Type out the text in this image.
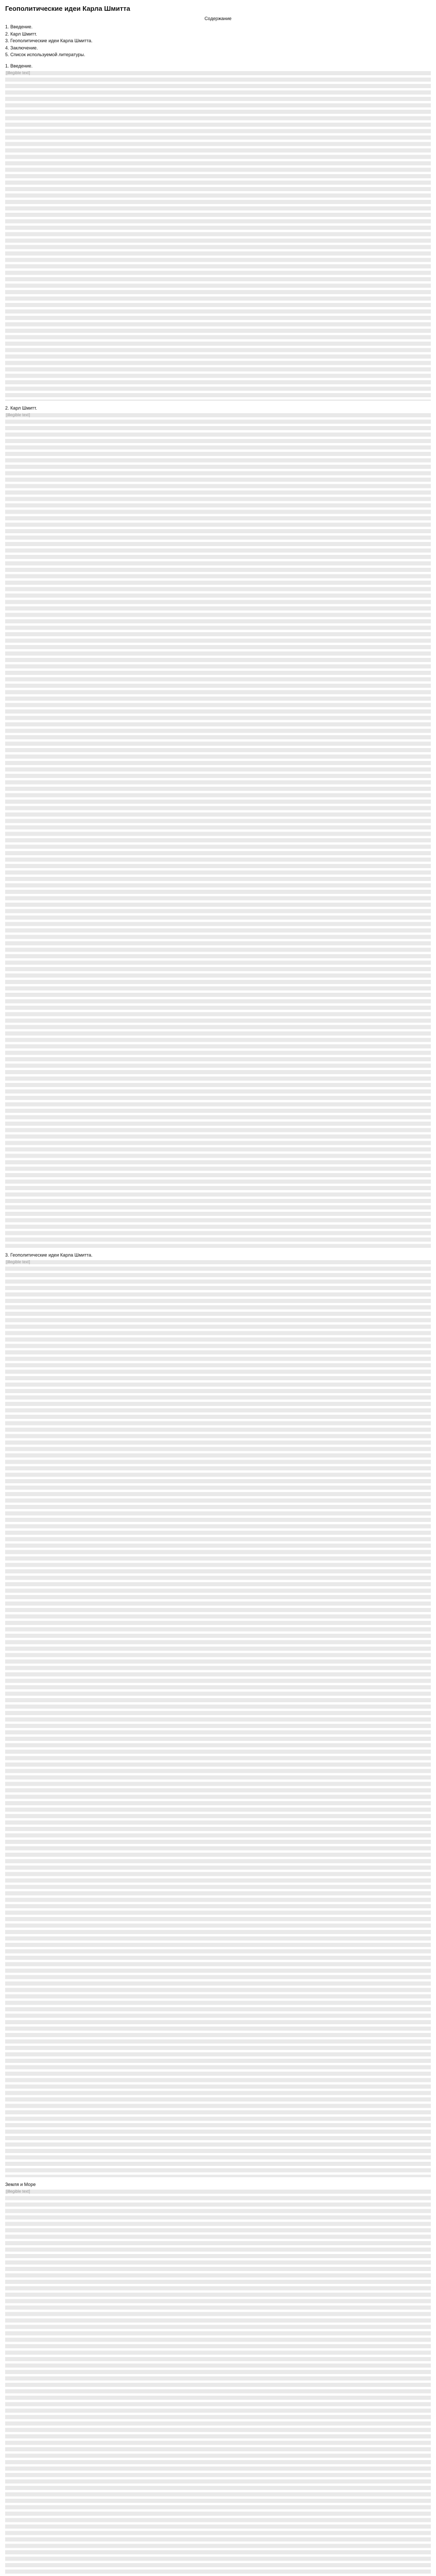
Геополитические идеи Карла Шмитта
Содержание
1. Введение.
2. Карл Шмитт.
3. Геополитические идеи Карла Шмитта.
4. Заключение.
5. Список используемой литературы.
1. Введение.
[illegible text]
2. Карл Шмитт.
[illegible text]
3. Геополитические идеи Карла Шмитта.
[illegible text]
Земля и Море
[illegible text]
